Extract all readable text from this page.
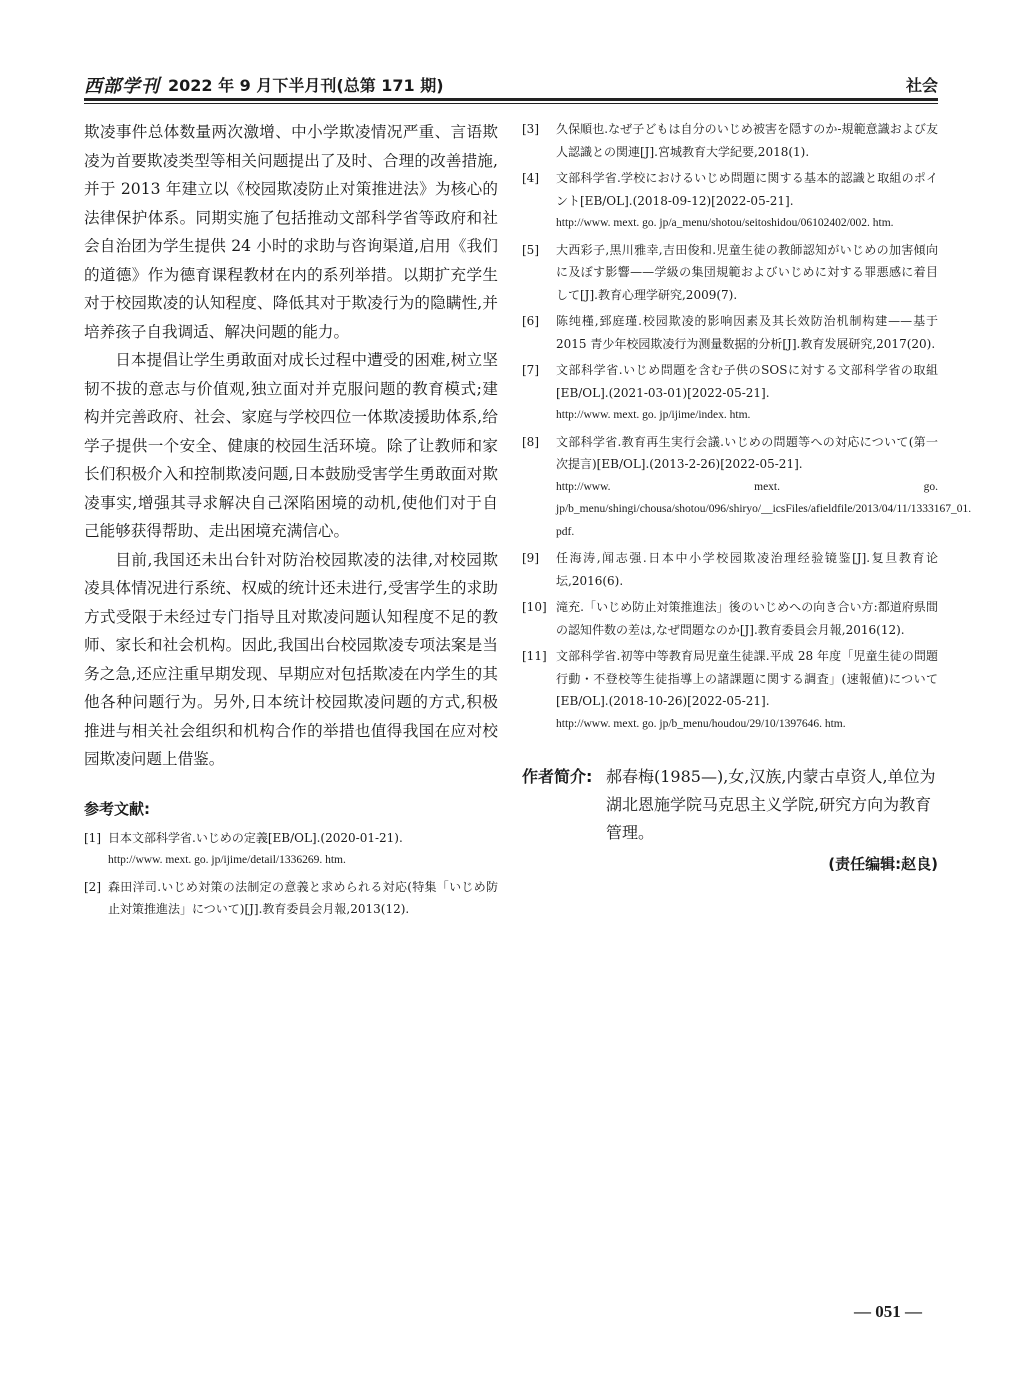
西部学刊 2022 年 9 月下半月刊(总第 171 期)	社会

欺凌事件总体数量两次激增、中小学欺凌情况严重、言语欺凌为首要欺凌类型等相关问题提出了及时、合理的改善措施,并于 2013 年建立以《校园欺凌防止对策推进法》为核心的法律保护体系。同期实施了包括推动文部科学省等政府和社会自治团为学生提供 24 小时的求助与咨询渠道,启用《我们的道德》作为德育课程教材在内的系列举措。以期扩充学生对于校园欺凌的认知程度、降低其对于欺凌行为的隐瞒性,并培养孩子自我调适、解决问题的能力。

日本提倡让学生勇敢面对成长过程中遭受的困难,树立坚韧不拔的意志与价值观,独立面对并克服问题的教育模式;建构并完善政府、社会、家庭与学校四位一体欺凌援助体系,给学子提供一个安全、健康的校园生活环境。除了让教师和家长们积极介入和控制欺凌问题,日本鼓励受害学生勇敢面对欺凌事实,增强其寻求解决自己深陷困境的动机,使他们对于自己能够获得帮助、走出困境充满信心。

目前,我国还未出台针对防治校园欺凌的法律,对校园欺凌具体情况进行系统、权威的统计还未进行,受害学生的求助方式受限于未经过专门指导且对欺凌问题认知程度不足的教师、家长和社会机构。因此,我国出台校园欺凌专项法案是当务之急,还应注重早期发现、早期应对包括欺凌在内学生的其他各种问题行为。另外,日本统计校园欺凌问题的方式,积极推进与相关社会组织和机构合作的举措也值得我国在应对校园欺凌问题上借鉴。

参考文献:
[1] 日本文部科学省.いじめの定義[EB/OL].(2020-01-21).
http://www. mext. go. jp/ijime/detail/1336269. htm.
[2] 森田洋司.いじめ対策の法制定の意義と求められる対応(特集「いじめ防止対策推進法」について)[J].教育委員会月報,2013(12).
[3] 久保順也.なぜ子どもは自分のいじめ被害を隠すのか-規範意識および友人認識との関連[J].宮城教育大学紀要,2018(1).
[4] 文部科学省.学校におけるいじめ問題に関する基本的認識と取組のポイント[EB/OL].(2018-09-12)[2022-05-21].
http://www. mext. go. jp/a_menu/shotou/seitoshidou/06102402/002. htm.
[5] 大西彩子,黒川雅幸,吉田俊和.児童生徒の教師認知がいじめの加害傾向に及ぼす影響——学級の集団規範およびいじめに対する罪悪感に着目して[J].教育心理学研究,2009(7).
[6] 陈纯槿,郅庭瑾.校园欺凌的影响因素及其长效防治机制构建——基于 2015 青少年校园欺凌行为测量数据的分析[J].教育发展研究,2017(20).
[7] 文部科学省.いじめ問題を含む子供のSOSに対する文部科学省の取組[EB/OL].(2021-03-01)[2022-05-21].
http://www. mext. go. jp/ijime/index. htm.
[8] 文部科学省.教育再生実行会議.いじめの問題等への対応について(第一次提言)[EB/OL].(2013-2-26)[2022-05-21].
http://www. mext. go. jp/b_menu/shingi/chousa/shotou/096/shiryo/__icsFiles/afieldfile/2013/04/11/1333167_01. pdf.
[9] 任海涛,闻志强.日本中小学校园欺凌治理经验镜鉴[J].复旦教育论坛,2016(6).
[10] 滝充.「いじめ防止対策推進法」後のいじめへの向き合い方:都道府県間の認知件数の差は,なぜ問題なのか[J].教育委員会月報,2016(12).
[11] 文部科学省.初等中等教育局児童生徒課.平成 28 年度「児童生徒の問題行動・不登校等生徒指導上の諸課題に関する調査」(速報値)について[EB/OL].(2018-10-26)[2022-05-21].
http://www. mext. go. jp/b_menu/houdou/29/10/1397646. htm.
作者简介: 郝春梅(1985—),女,汉族,内蒙古卓资人,单位为湖北恩施学院马克思主义学院,研究方向为教育管理。
(责任编辑:赵良)
— 051 —
